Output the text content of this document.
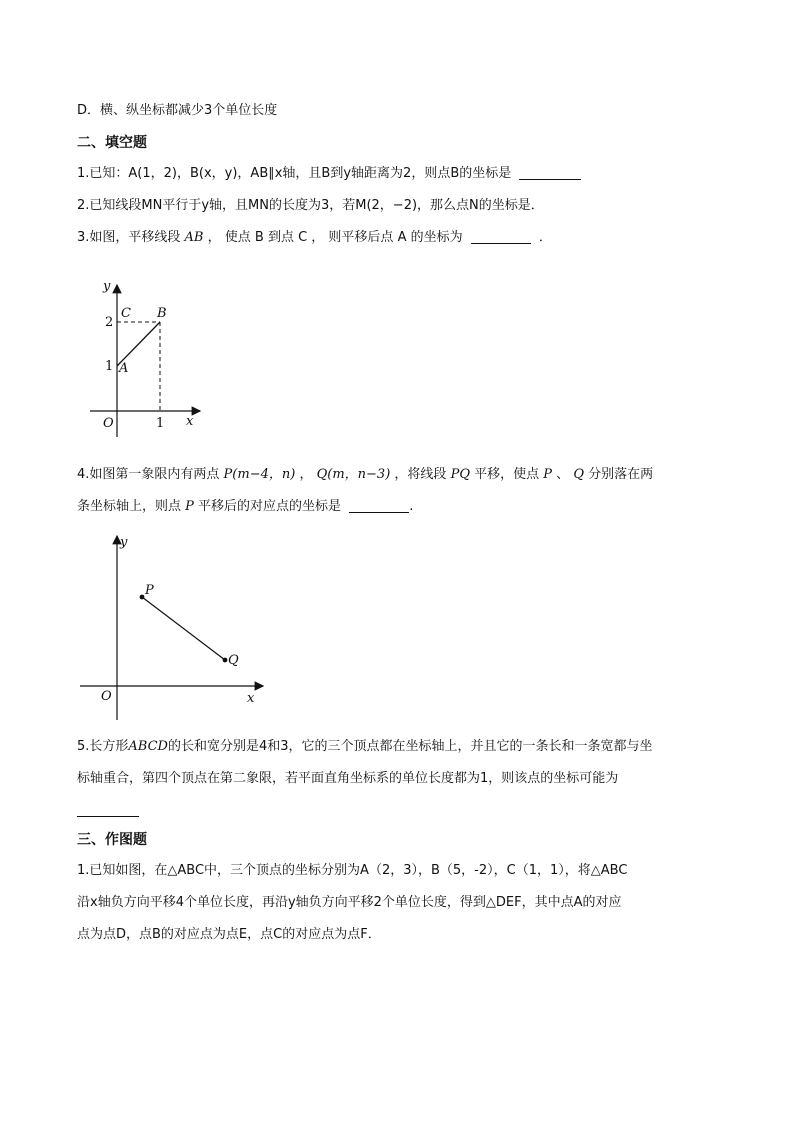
D．横、纵坐标都减少3个单位长度
二、填空题
1.已知：A(1，2)，B(x，y)，AB∥x轴，且B到y轴距离为2，则点B的坐标是
2.已知线段MN平行于y轴，且MN的长度为3，若M(2，−2)，那么点N的坐标是．
3.如图，平移线段 AB ， 使点 B 到点 C ， 则平移后点 A 的坐标为	．
y
x
C B
A
O
2
1
1
4.如图第一象限内有两点 P(m−4，n) ， Q(m，n−3) ，将线段 PQ 平移，使点 P 、 Q 分别落在两
条坐标轴上，则点 P 平移后的对应点的坐标是	.
y
x
O
P
Q
5.长方形ABCD的长和宽分别是4和3，它的三个顶点都在坐标轴上，并且它的一条长和一条宽都与坐
标轴重合，第四个顶点在第二象限，若平面直角坐标系的单位长度都为1，则该点的坐标可能为
三、作图题
1.已知如图，在△ABC中，三个顶点的坐标分别为A（2，3），B（5，-2），C（1，1），将△ABC
沿x轴负方向平移4个单位长度，再沿y轴负方向平移2个单位长度，得到△DEF，其中点A的对应
点为点D，点B的对应点为点E，点C的对应点为点F．
